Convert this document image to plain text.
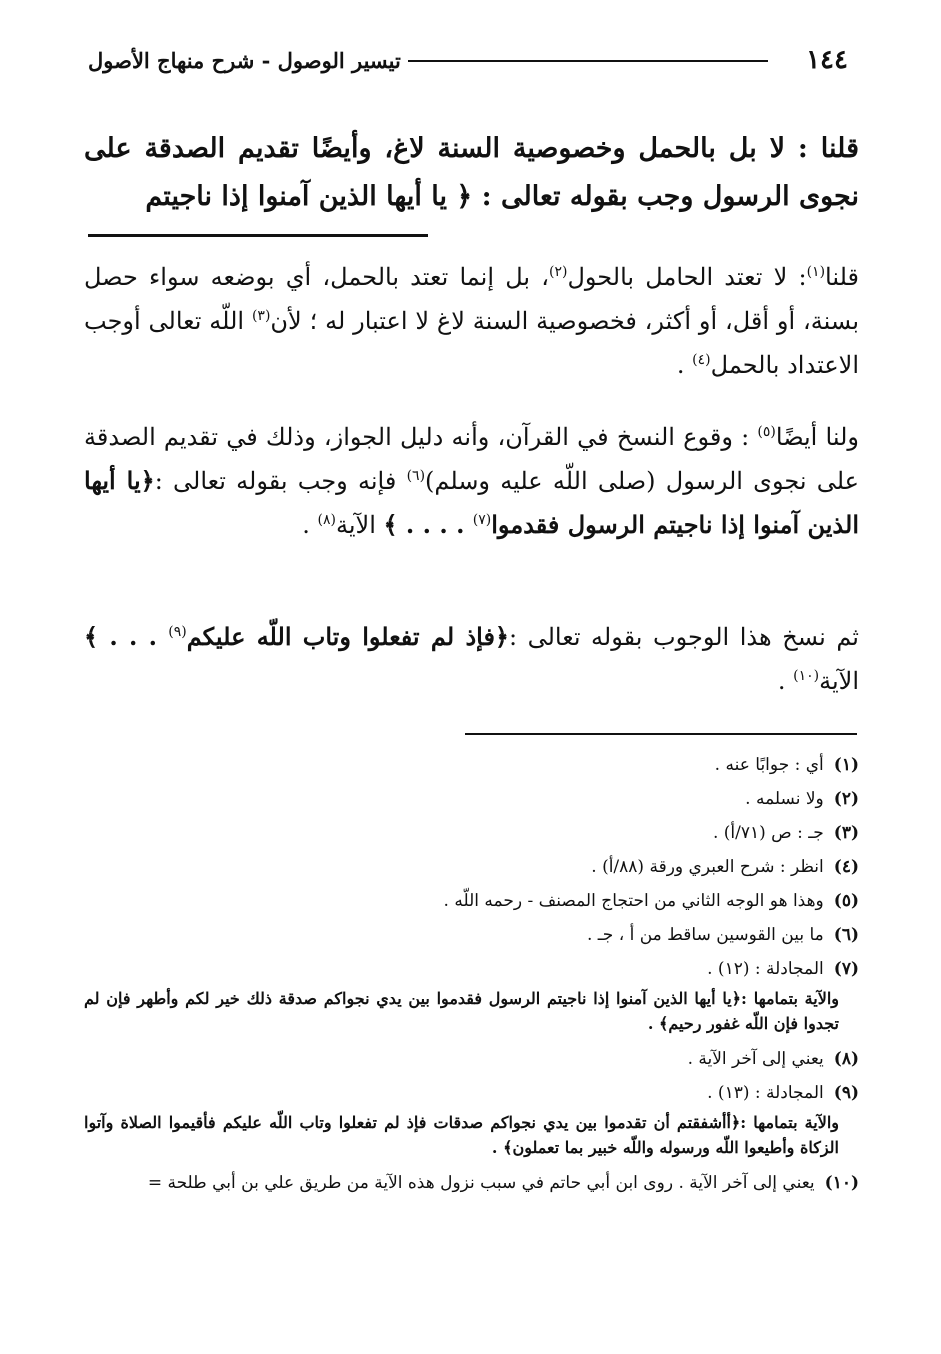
١٤٤
تيسير الوصول - شرح منهاج الأصول
قلنا : لا بل بالحمل وخصوصية السنة لاغ، وأيضًا تقديم الصدقة على نجوى الرسول وجب بقوله تعالى : ﴿ يا أيها الذين آمنوا إذا ناجيتم
قلنا$^{(١)}$: لا تعتد الحامل بالحول$^{(٢)}$، بل إنما تعتد بالحمل، أي بوضعه سواء حصل بسنة، أو أقل، أو أكثر، فخصوصية السنة لاغ لا اعتبار له ؛ لأن$^{(٣)}$ اللّه تعالى أوجب الاعتداد بالحمل$^{(٤)}$ .
ولنا أيضًا$^{(٥)}$ : وقوع النسخ في القرآن، وأنه دليل الجواز، وذلك في تقديم الصدقة على نجوى الرسول (صلى اللّه عليه وسلم)$^{(٦)}$ فإنه وجب بقوله تعالى :﴿يا أيها الذين آمنوا إذا ناجيتم الرسول فقدموا$^{(٧)}$ . . . . ﴾ الآية$^{(٨)}$ .
ثم نسخ هذا الوجوب بقوله تعالى :﴿فإذ لم تفعلوا وتاب اللّه عليكم$^{(٩)}$ . . . ﴾ الآية$^{(١٠)}$ .
(١)أي : جوابًا عنه .
(٢)ولا نسلمه .
(٣)جـ : ص (٧١/أ) .
(٤)انظر : شرح العبري ورقة (٨٨/أ) .
(٥)وهذا هو الوجه الثاني من احتجاج المصنف - رحمه اللّه .
(٦)ما بين القوسين ساقط من أ ، جـ .
(٧)المجادلة : (١٢) .
والآية بتمامها :﴿يا أيها الذين آمنوا إذا ناجيتم الرسول فقدموا بين يدي نجواكم صدقة ذلك خير لكم وأطهر فإن لم تجدوا فإن اللّه غفور رحيم﴾ .
(٨)يعني إلى آخر الآية .
(٩)المجادلة : (١٣) .
والآية بتمامها :﴿أأشفقتم أن تقدموا بين يدي نجواكم صدقات فإذ لم تفعلوا وتاب اللّه عليكم فأقيموا الصلاة وآتوا الزكاة وأطيعوا اللّه ورسوله واللّه خبير بما تعملون﴾ .
(١٠)يعني إلى آخر الآية . روى ابن أبي حاتم في سبب نزول هذه الآية من طريق علي بن أبي طلحة =
